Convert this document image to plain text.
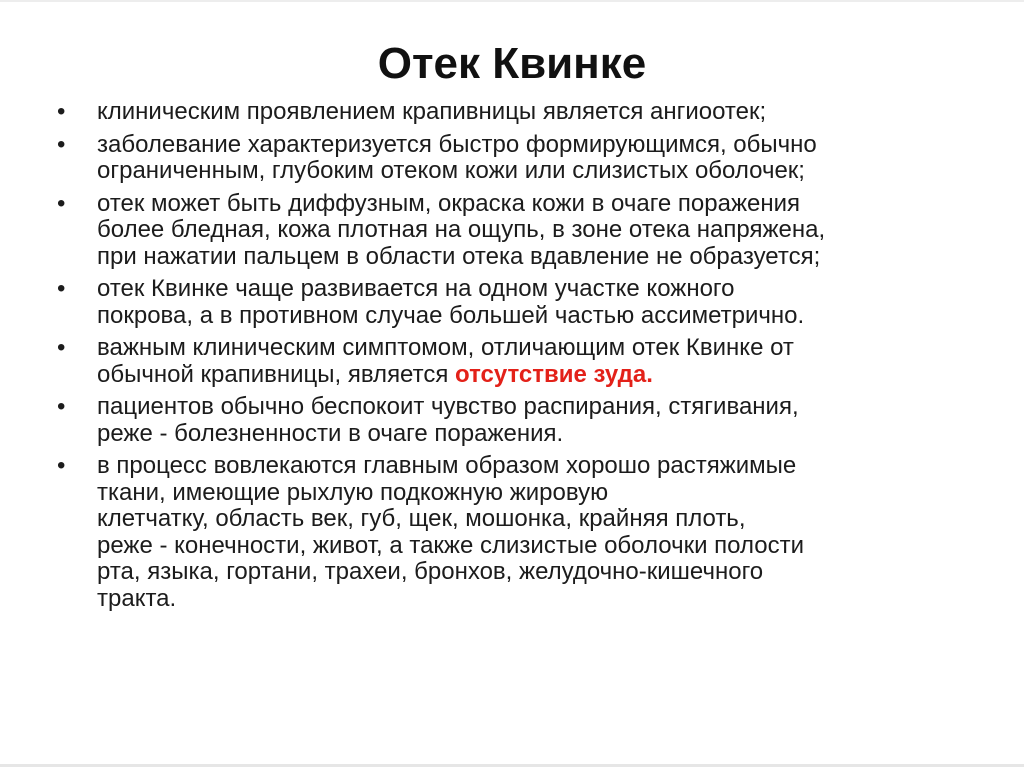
Отек Квинке
•	клиническим проявлением крапивницы является ангиоотек;
•	заболевание характеризуется быстро формирующимся, обычно
ограниченным, глубоким отеком кожи или слизистых оболочек;
•	отек может быть диффузным, окраска кожи в очаге поражения
более бледная, кожа плотная на ощупь, в зоне отека напряжена,
при нажатии пальцем в области отека вдавление не образуется;
•	отек Квинке чаще развивается на одном участке кожного
покрова, а в противном случае большей частью ассиметрично.
•	важным клиническим симптомом, отличающим отек Квинке от
обычной крапивницы, является отсутствие зуда.
•	пациентов обычно беспокоит чувство распирания, стягивания,
реже - болезненности в очаге поражения.
•	в процесс вовлекаются главным образом хорошо растяжимые
ткани, имеющие рыхлую подкожную жировую
клетчатку, область век, губ, щек, мошонка, крайняя плоть,
реже - конечности, живот, а также слизистые оболочки полости
рта, языка, гортани, трахеи, бронхов, желудочно-кишечного
тракта.
